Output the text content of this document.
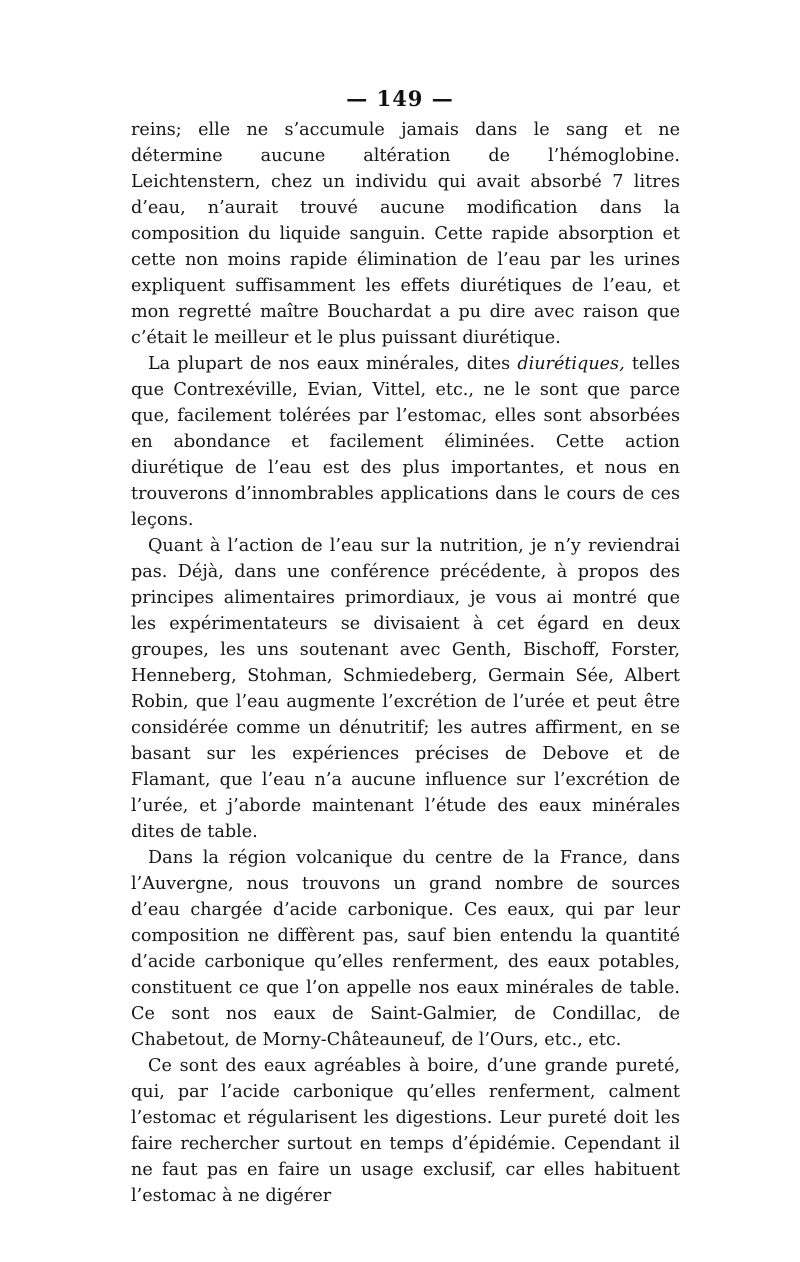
— 149 —

reins; elle ne s’accumule jamais dans le sang et ne détermine aucune altération de l’hémoglobine. Leichtenstern, chez un individu qui avait absorbé 7 litres d’eau, n’aurait trouvé aucune modification dans la composition du liquide sanguin. Cette rapide absorption et cette non moins rapide élimination de l’eau par les urines expliquent suffisamment les effets diurétiques de l’eau, et mon regretté maître Bouchardat a pu dire avec raison que c’était le meilleur et le plus puissant diurétique.

La plupart de nos eaux minérales, dites diurétiques, telles que Contrexéville, Evian, Vittel, etc., ne le sont que parce que, facilement tolérées par l’estomac, elles sont absorbées en abondance et facilement éliminées. Cette action diurétique de l’eau est des plus importantes, et nous en trouverons d’innombrables applications dans le cours de ces leçons.

Quant à l’action de l’eau sur la nutrition, je n’y reviendrai pas. Déjà, dans une conférence précédente, à propos des principes alimentaires primordiaux, je vous ai montré que les expérimentateurs se divisaient à cet égard en deux groupes, les uns soutenant avec Genth, Bischoff, Forster, Henneberg, Stohman, Schmiedeberg, Germain Sée, Albert Robin, que l’eau augmente l’excrétion de l’urée et peut être considérée comme un dénutritif; les autres affirment, en se basant sur les expériences précises de Debove et de Flamant, que l’eau n’a aucune influence sur l’excrétion de l’urée, et j’aborde maintenant l’étude des eaux minérales dites de table.

Dans la région volcanique du centre de la France, dans l’Auvergne, nous trouvons un grand nombre de sources d’eau chargée d’acide carbonique. Ces eaux, qui par leur composition ne diffèrent pas, sauf bien entendu la quantité d’acide carbonique qu’elles renferment, des eaux potables, constituent ce que l’on appelle nos eaux minérales de table. Ce sont nos eaux de Saint-Galmier, de Condillac, de Chabetout, de Morny-Châteauneuf, de l’Ours, etc., etc.

Ce sont des eaux agréables à boire, d’une grande pureté, qui, par l’acide carbonique qu’elles renferment, calment l’estomac et régularisent les digestions. Leur pureté doit les faire rechercher surtout en temps d’épidémie. Cependant il ne faut pas en faire un usage exclusif, car elles habituent l’estomac à ne digérer
